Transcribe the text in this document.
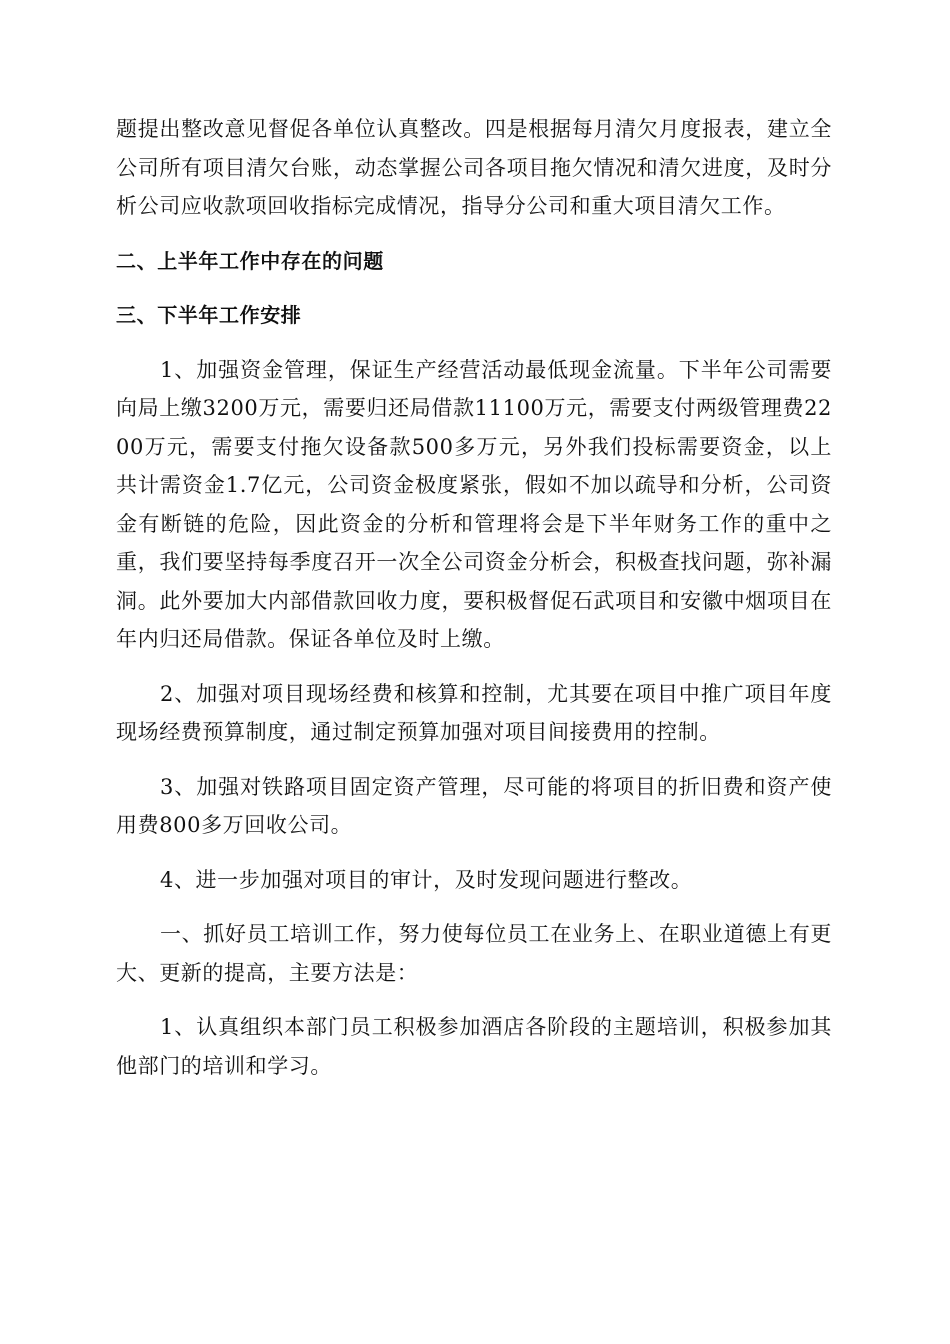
题提出整改意见督促各单位认真整改。四是根据每月清欠月度报表，建立全公司所有项目清欠台账，动态掌握公司各项目拖欠情况和清欠进度，及时分析公司应收款项回收指标完成情况，指导分公司和重大项目清欠工作。

二、上半年工作中存在的问题

三、下半年工作安排

1、加强资金管理，保证生产经营活动最低现金流量。下半年公司需要向局上缴3200万元，需要归还局借款11100万元，需要支付两级管理费2200万元，需要支付拖欠设备款500多万元，另外我们投标需要资金，以上共计需资金1.7亿元，公司资金极度紧张，假如不加以疏导和分析，公司资金有断链的危险，因此资金的分析和管理将会是下半年财务工作的重中之重，我们要坚持每季度召开一次全公司资金分析会，积极查找问题，弥补漏洞。此外要加大内部借款回收力度，要积极督促石武项目和安徽中烟项目在年内归还局借款。保证各单位及时上缴。

2、加强对项目现场经费和核算和控制，尤其要在项目中推广项目年度现场经费预算制度，通过制定预算加强对项目间接费用的控制。

3、加强对铁路项目固定资产管理，尽可能的将项目的折旧费和资产使用费800多万回收公司。

4、进一步加强对项目的审计，及时发现问题进行整改。

一、抓好员工培训工作，努力使每位员工在业务上、在职业道德上有更大、更新的提高，主要方法是：

1、认真组织本部门员工积极参加酒店各阶段的主题培训，积极参加其他部门的培训和学习。
